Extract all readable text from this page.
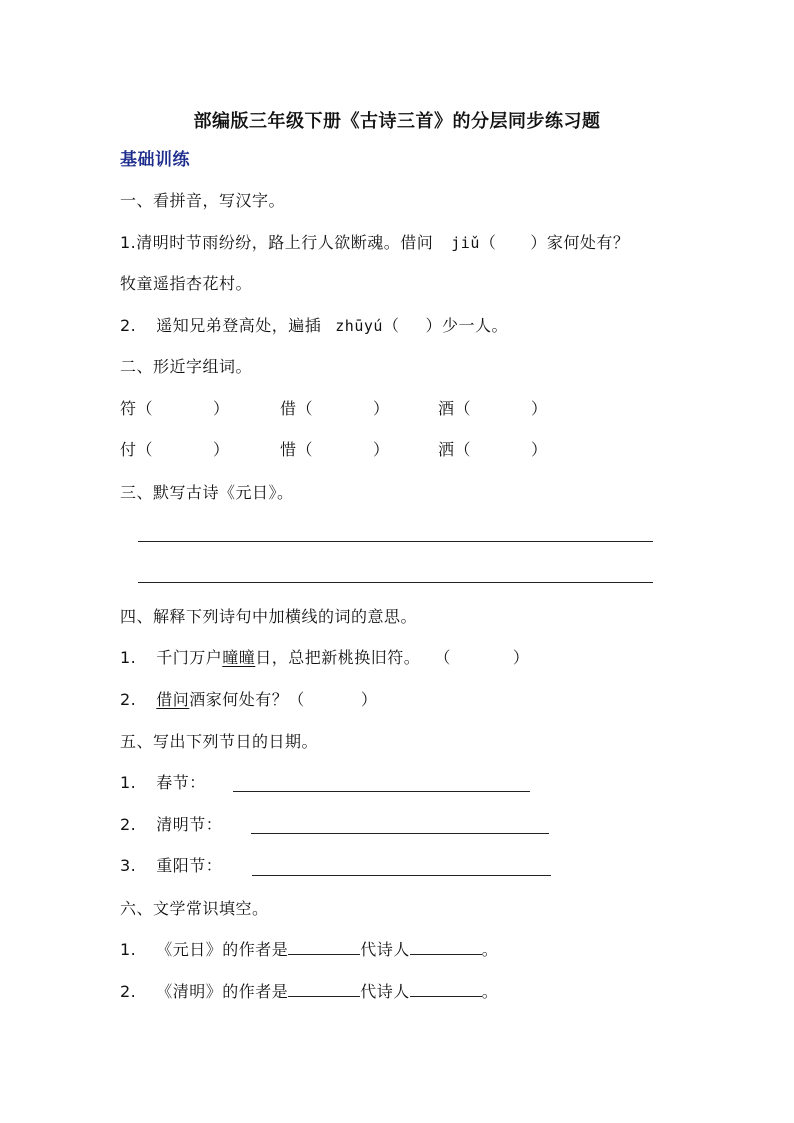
部编版三年级下册《古诗三首》的分层同步练习题
基础训练
一、看拼音，写汉字。
1.清明时节雨纷纷，路上行人欲断魂。借问 jiǔ（ ）家何处有？
牧童遥指杏花村。
2. 遥知兄弟登高处，遍插 zhūyú（ ）少一人。
二、形近字组词。
符（	）	借（	）	酒（	）
付（	）	惜（	）	洒（	）
三、默写古诗《元日》。
四、解释下列诗句中加横线的词的意思。
1. 千门万户曈曈日，总把新桃换旧符。 （	）
2. 借问酒家何处有？（	）
五、写出下列节日的日期。
1. 春节：
2. 清明节：
3. 重阳节：
六、文学常识填空。
1. 《元日》的作者是	代诗人	。
2. 《清明》的作者是	代诗人	。
